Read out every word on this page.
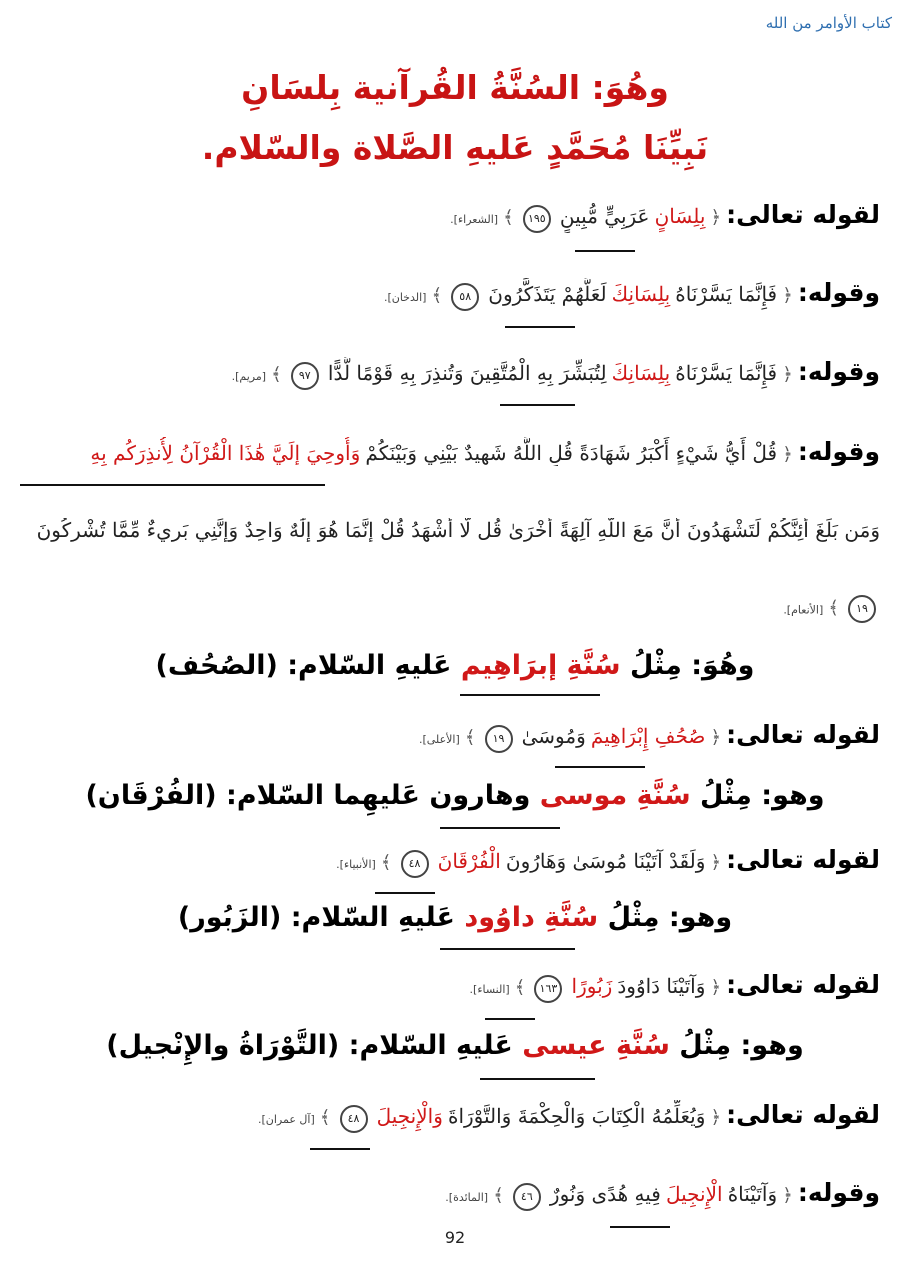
كتاب الأوامر من الله
وهُوَ: السُنَّةُ القُرآنية بِلسَانِ
نَبِيِّنَا مُحَمَّدٍ عَليهِ الصَّلاة والسّلام.
لقوله تعالى: ﴿ بِلِسَانٍ عَرَبِيٍّ مُّبِينٍ ١٩٥ ﴾ [الشعراء].
وقوله: ﴿ فَإِنَّمَا يَسَّرْنَاهُ بِلِسَانِكَ لَعَلَّهُمْ يَتَذَكَّرُونَ ٥٨ ﴾ [الدخان].
وقوله: ﴿ فَإِنَّمَا يَسَّرْنَاهُ بِلِسَانِكَ لِتُبَشِّرَ بِهِ الْمُتَّقِينَ وَتُنذِرَ بِهِ قَوْمًا لُّدًّا ٩٧ ﴾ [مريم].
وقوله: ﴿ قُلْ أَيُّ شَيْءٍ أَكْبَرُ شَهَادَةً قُلِ اللَّهُ شَهِيدٌ بَيْنِي وَبَيْنَكُمْ وَأُوحِيَ إِلَيَّ هَٰذَا الْقُرْآنُ لِأُنذِرَكُم بِهِ
وَمَن بَلَغَ أَئِنَّكُمْ لَتَشْهَدُونَ أَنَّ مَعَ اللَّهِ آلِهَةً أُخْرَىٰ قُل لَّا أَشْهَدُ قُلْ إِنَّمَا هُوَ إِلَٰهٌ وَاحِدٌ وَإِنَّنِي بَرِيءٌ مِّمَّا تُشْرِكُونَ
١٩ ﴾ [الأنعام].
وهُوَ: مِثْلُ سُنَّةِ إبرَاهِيم عَليهِ السّلام: (الصُحُف)
لقوله تعالى: ﴿ صُحُفِ إِبْرَاهِيمَ وَمُوسَىٰ ١٩ ﴾ [الأعلى].
وهو: مِثْلُ سُنَّةِ موسى وهارون عَليهِما السّلام: (الفُرْقَان)
لقوله تعالى: ﴿ وَلَقَدْ آتَيْنَا مُوسَىٰ وَهَارُونَ الْفُرْقَانَ ٤٨ ﴾ [الأنبياء].
وهو: مِثْلُ سُنَّةِ داوُود عَليهِ السّلام: (الزَبُور)
لقوله تعالى: ﴿ وَآتَيْنَا دَاوُودَ زَبُورًا ١٦٣ ﴾ [النساء].
وهو: مِثْلُ سُنَّةِ عيسى عَليهِ السّلام: (التَّوْرَاةُ والإِنْجيل)
لقوله تعالى: ﴿ وَيُعَلِّمُهُ الْكِتَابَ وَالْحِكْمَةَ وَالتَّوْرَاةَ وَالْإِنجِيلَ ٤٨ ﴾ [آل عمران].
وقوله: ﴿ وَآتَيْنَاهُ الْإِنجِيلَ فِيهِ هُدًى وَنُورٌ ٤٦ ﴾ [المائدة].
92
